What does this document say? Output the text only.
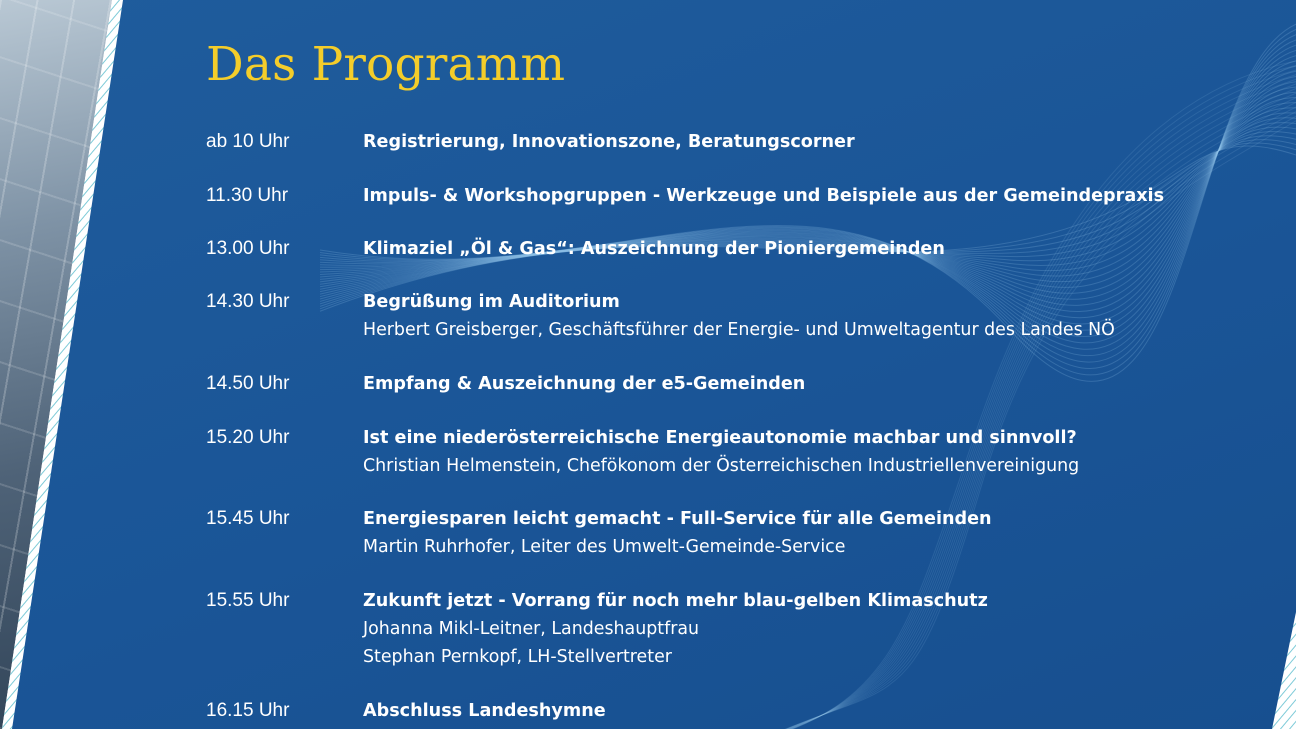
Das Programm
ab 10 Uhr	Registrierung, Innovationszone, Beratungscorner
11.30 Uhr	Impuls- & Workshopgruppen - Werkzeuge und Beispiele aus der Gemeindepraxis
13.00 Uhr	Klimaziel „Öl & Gas“: Auszeichnung der Pioniergemeinden
14.30 Uhr	Begrüßung im Auditorium
Herbert Greisberger, Geschäftsführer der Energie- und Umweltagentur des Landes NÖ
14.50 Uhr	Empfang & Auszeichnung der e5-Gemeinden
15.20 Uhr	Ist eine niederösterreichische Energieautonomie machbar und sinnvoll?
Christian Helmenstein, Chefökonom der Österreichischen Industriellenvereinigung
15.45 Uhr	Energiesparen leicht gemacht - Full-Service für alle Gemeinden
Martin Ruhrhofer, Leiter des Umwelt-Gemeinde-Service
15.55 Uhr	Zukunft jetzt - Vorrang für noch mehr blau-gelben Klimaschutz
Johanna Mikl-Leitner, Landeshauptfrau
Stephan Pernkopf, LH-Stellvertreter
16.15 Uhr	Abschluss Landeshymne
